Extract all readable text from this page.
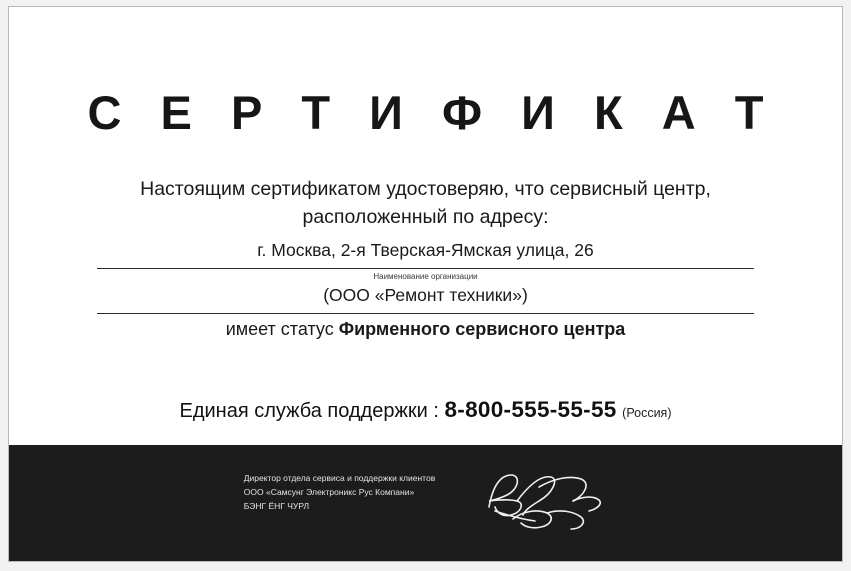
С Е Р Т И Ф И К А Т
Настоящим сертификатом удостоверяю, что сервисный центр,
расположенный по адресу:
г. Москва, 2-я Тверская-Ямская улица, 26
Наименование организации
(ООО «Ремонт техники»)
имеет статус Фирменного сервисного центра
Единая служба поддержки : 8-800-555-55-55 (Россия)
Директор отдела сервиса и поддержки клиентов
ООО «Самсунг Электроникс Рус Компани»
БЭНГ ЁНГ ЧУРЛ
